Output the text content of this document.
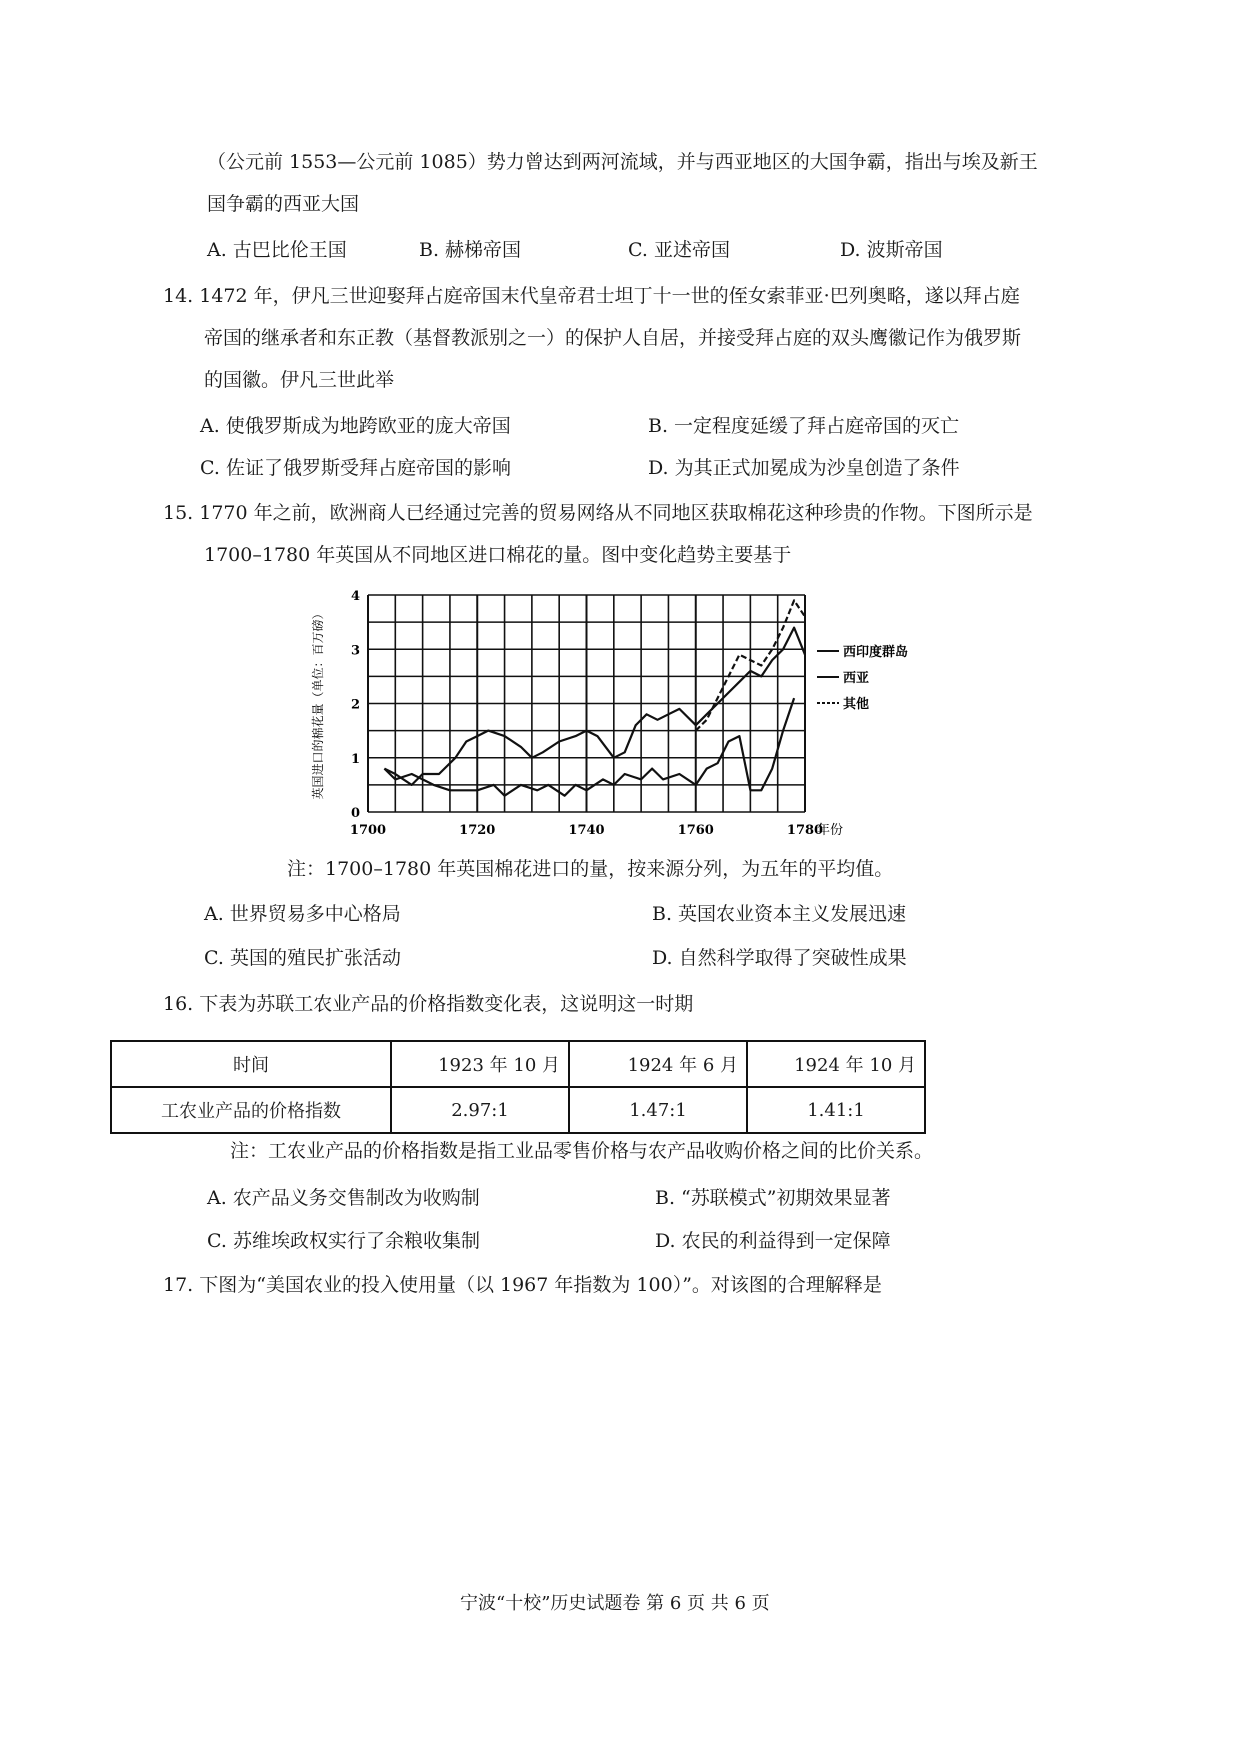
（公元前 1553—公元前 1085）势力曾达到两河流域，并与西亚地区的大国争霸，指出与埃及新王
国争霸的西亚大国
A. 古巴比伦王国	B. 赫梯帝国	C. 亚述帝国	D. 波斯帝国
14. 1472 年，伊凡三世迎娶拜占庭帝国末代皇帝君士坦丁十一世的侄女索菲亚·巴列奥略，遂以拜占庭
帝国的继承者和东正教（基督教派别之一）的保护人自居，并接受拜占庭的双头鹰徽记作为俄罗斯
的国徽。伊凡三世此举
A. 使俄罗斯成为地跨欧亚的庞大帝国	B. 一定程度延缓了拜占庭帝国的灭亡
C. 佐证了俄罗斯受拜占庭帝国的影响	D. 为其正式加冕成为沙皇创造了条件
15. 1770 年之前，欧洲商人已经通过完善的贸易网络从不同地区获取棉花这种珍贵的作物。下图所示是
1700–1780 年英国从不同地区进口棉花的量。图中变化趋势主要基于
1700	1720	1740	1760	1780
0
1
2
3
4
英国进口的棉花量（单位：百万磅）
年份
西印度群岛
西亚
其他
注：1700–1780 年英国棉花进口的量，按来源分列，为五年的平均值。
A. 世界贸易多中心格局	B. 英国农业资本主义发展迅速
C. 英国的殖民扩张活动	D. 自然科学取得了突破性成果
16. 下表为苏联工农业产品的价格指数变化表，这说明这一时期
时间	1923 年 10 月	1924 年 6 月	1924 年 10 月
工农业产品的价格指数	2.97:1	1.47:1	1.41:1
注：工农业产品的价格指数是指工业品零售价格与农产品收购价格之间的比价关系。
A. 农产品义务交售制改为收购制	B. “苏联模式”初期效果显著
C. 苏维埃政权实行了余粮收集制	D. 农民的利益得到一定保障
17. 下图为“美国农业的投入使用量（以 1967 年指数为 100）”。对该图的合理解释是
宁波“十校”历史试题卷 第 6 页 共 6 页
